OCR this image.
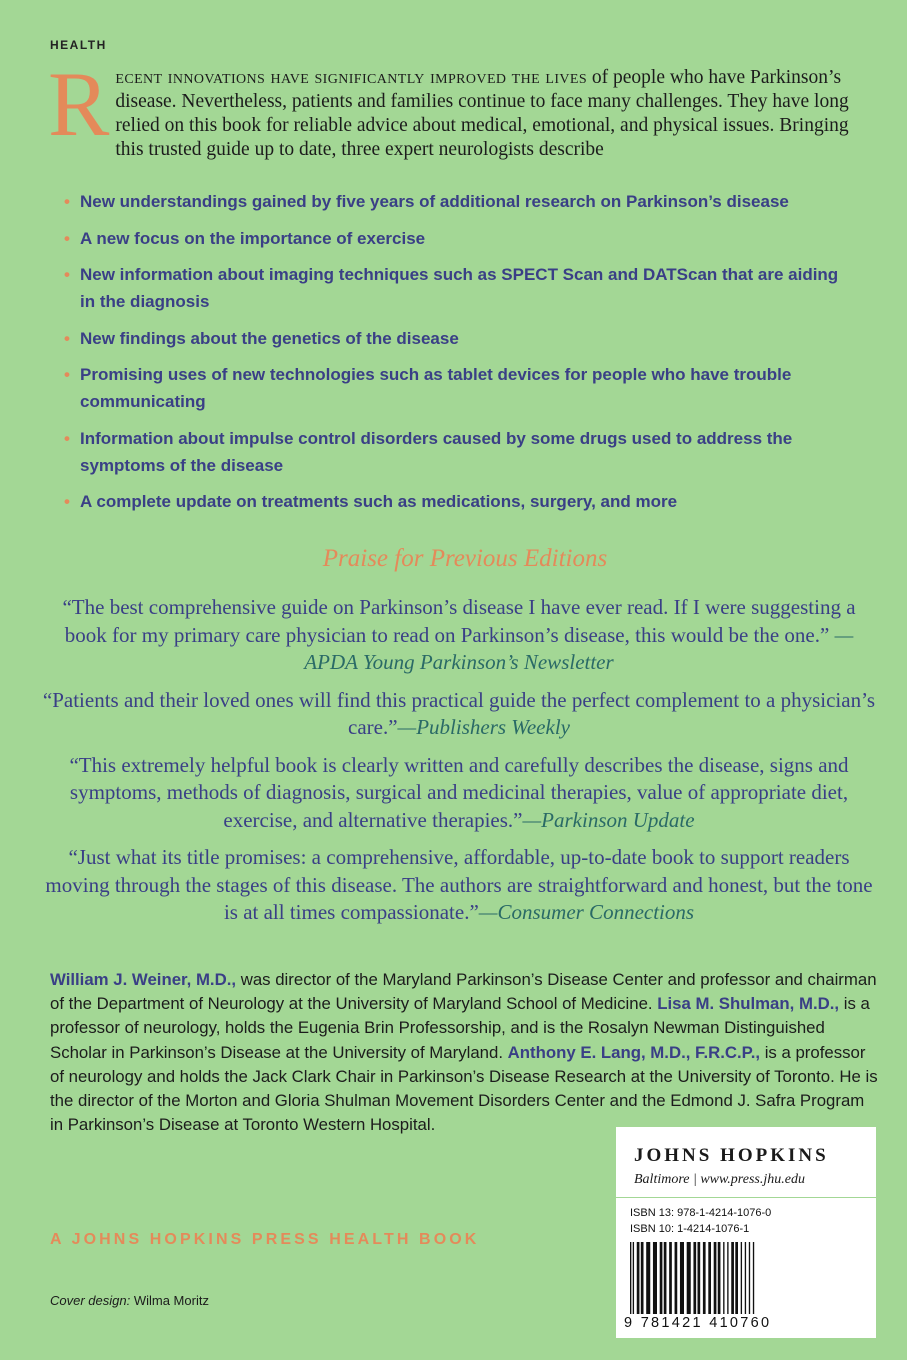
HEALTH
Recent innovations have significantly improved the lives of people who have Parkinson’s disease. Nevertheless, patients and families continue to face many challenges. They have long relied on this book for reliable advice about medical, emotional, and physical issues. Bringing this trusted guide up to date, three expert neurologists describe
• New understandings gained by five years of additional research on Parkinson’s disease
• A new focus on the importance of exercise
• New information about imaging techniques such as SPECT Scan and DATScan that are aiding in the diagnosis
• New findings about the genetics of the disease
• Promising uses of new technologies such as tablet devices for people who have trouble communicating
• Information about impulse control disorders caused by some drugs used to address the symptoms of the disease
• A complete update on treatments such as medications, surgery, and more
Praise for Previous Editions

“The best comprehensive guide on Parkinson’s disease I have ever read. If I were suggesting a book for my primary care physician to read on Parkinson’s disease, this would be the one.” —APDA Young Parkinson’s Newsletter

“Patients and their loved ones will find this practical guide the perfect complement to a physician’s care.”—Publishers Weekly

“This extremely helpful book is clearly written and carefully describes the disease, signs and symptoms, methods of diagnosis, surgical and medicinal therapies, value of appropriate diet, exercise, and alternative therapies.”—Parkinson Update

“Just what its title promises: a comprehensive, affordable, up-to-date book to support readers moving through the stages of this disease. The authors are straightforward and honest, but the tone is at all times compassionate.”—Consumer Connections

William J. Weiner, M.D., was director of the Maryland Parkinson’s Disease Center and professor and chairman of the Department of Neurology at the University of Maryland School of Medicine. Lisa M. Shulman, M.D., is a professor of neurology, holds the Eugenia Brin Professorship, and is the Rosalyn Newman Distinguished Scholar in Parkinson’s Disease at the University of Maryland. Anthony E. Lang, M.D., F.R.C.P., is a professor of neurology and holds the Jack Clark Chair in Parkinson’s Disease Research at the University of Toronto. He is the director of the Morton and Gloria Shulman Movement Disorders Center and the Edmond J. Safra Program in Parkinson’s Disease at Toronto Western Hospital.
A JOHNS HOPKINS PRESS HEALTH BOOK
Cover design: Wilma Moritz
JOHNS HOPKINS
Baltimore | www.press.jhu.edu
ISBN 13: 978-1-4214-1076-0
ISBN 10: 1-4214-1076-1
9 781421 410760
